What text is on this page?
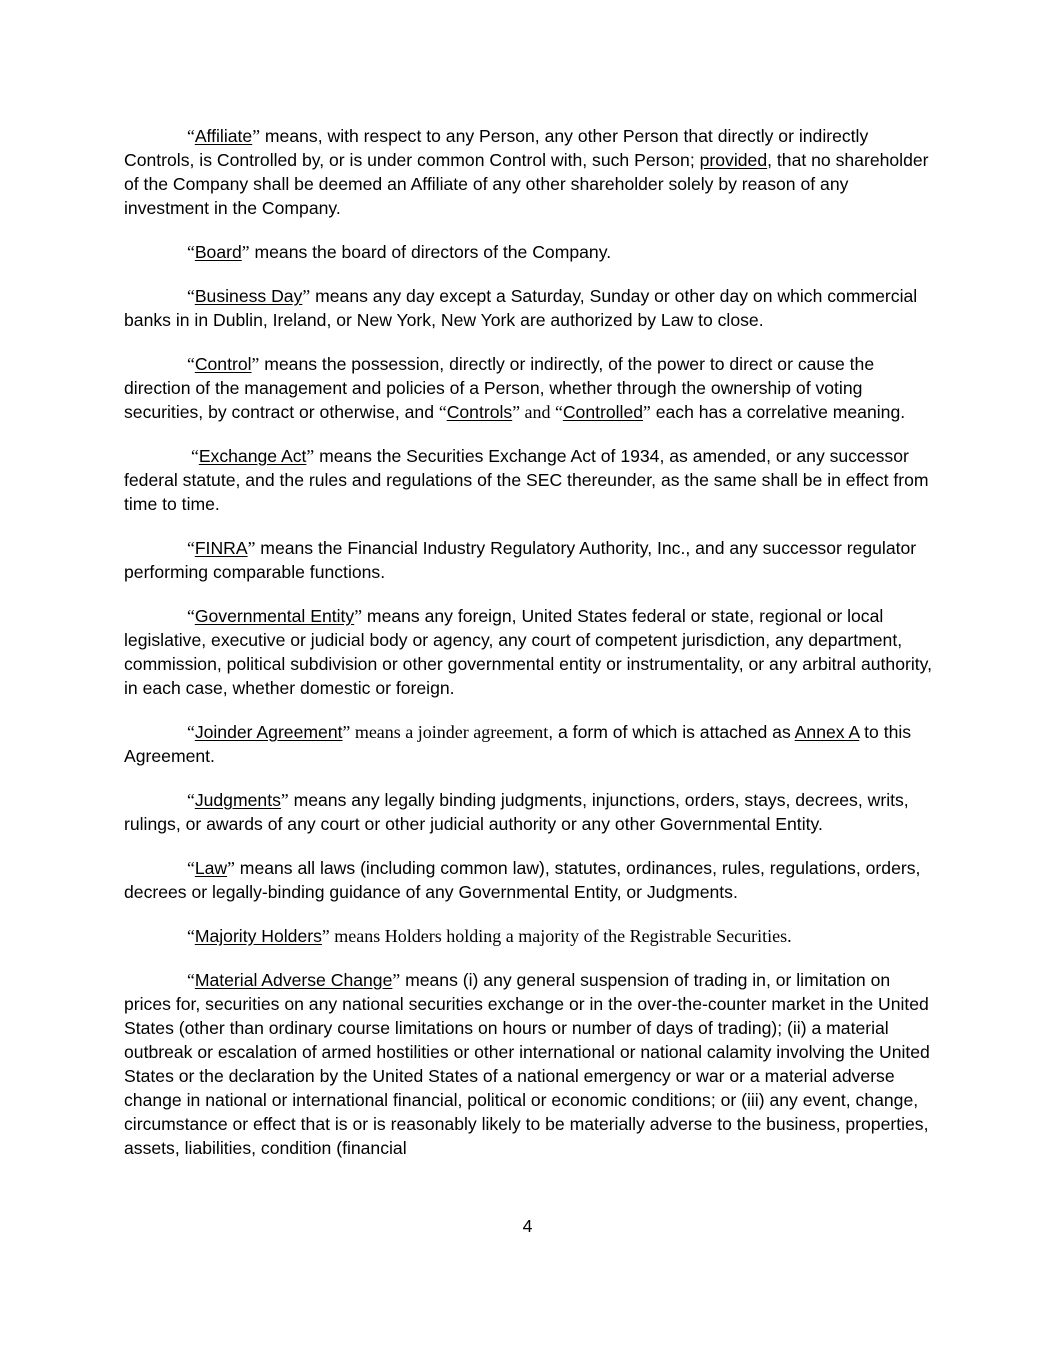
“Affiliate” means, with respect to any Person, any other Person that directly or indirectly Controls, is Controlled by, or is under common Control with, such Person; provided, that no shareholder of the Company shall be deemed an Affiliate of any other shareholder solely by reason of any investment in the Company.

“Board” means the board of directors of the Company.

“Business Day” means any day except a Saturday, Sunday or other day on which commercial banks in in Dublin, Ireland, or New York, New York are authorized by Law to close.

“Control” means the possession, directly or indirectly, of the power to direct or cause the direction of the management and policies of a Person, whether through the ownership of voting securities, by contract or otherwise, and “Controls” and “Controlled” each has a correlative meaning.

“Exchange Act” means the Securities Exchange Act of 1934, as amended, or any successor federal statute, and the rules and regulations of the SEC thereunder, as the same shall be in effect from time to time.

“FINRA” means the Financial Industry Regulatory Authority, Inc., and any successor regulator performing comparable functions.

“Governmental Entity” means any foreign, United States federal or state, regional or local legislative, executive or judicial body or agency, any court of competent jurisdiction, any department, commission, political subdivision or other governmental entity or instrumentality, or any arbitral authority, in each case, whether domestic or foreign.

“Joinder Agreement” means a joinder agreement, a form of which is attached as Annex A to this Agreement.

“Judgments” means any legally binding judgments, injunctions, orders, stays, decrees, writs, rulings, or awards of any court or other judicial authority or any other Governmental Entity.

“Law” means all laws (including common law), statutes, ordinances, rules, regulations, orders, decrees or legally-binding guidance of any Governmental Entity, or Judgments.

“Majority Holders” means Holders holding a majority of the Registrable Securities.

“Material Adverse Change” means (i) any general suspension of trading in, or limitation on prices for, securities on any national securities exchange or in the over-the-counter market in the United States (other than ordinary course limitations on hours or number of days of trading); (ii) a material outbreak or escalation of armed hostilities or other international or national calamity involving the United States or the declaration by the United States of a national emergency or war or a material adverse change in national or international financial, political or economic conditions; or (iii) any event, change, circumstance or effect that is or is reasonably likely to be materially adverse to the business, properties, assets, liabilities, condition (financial

4
